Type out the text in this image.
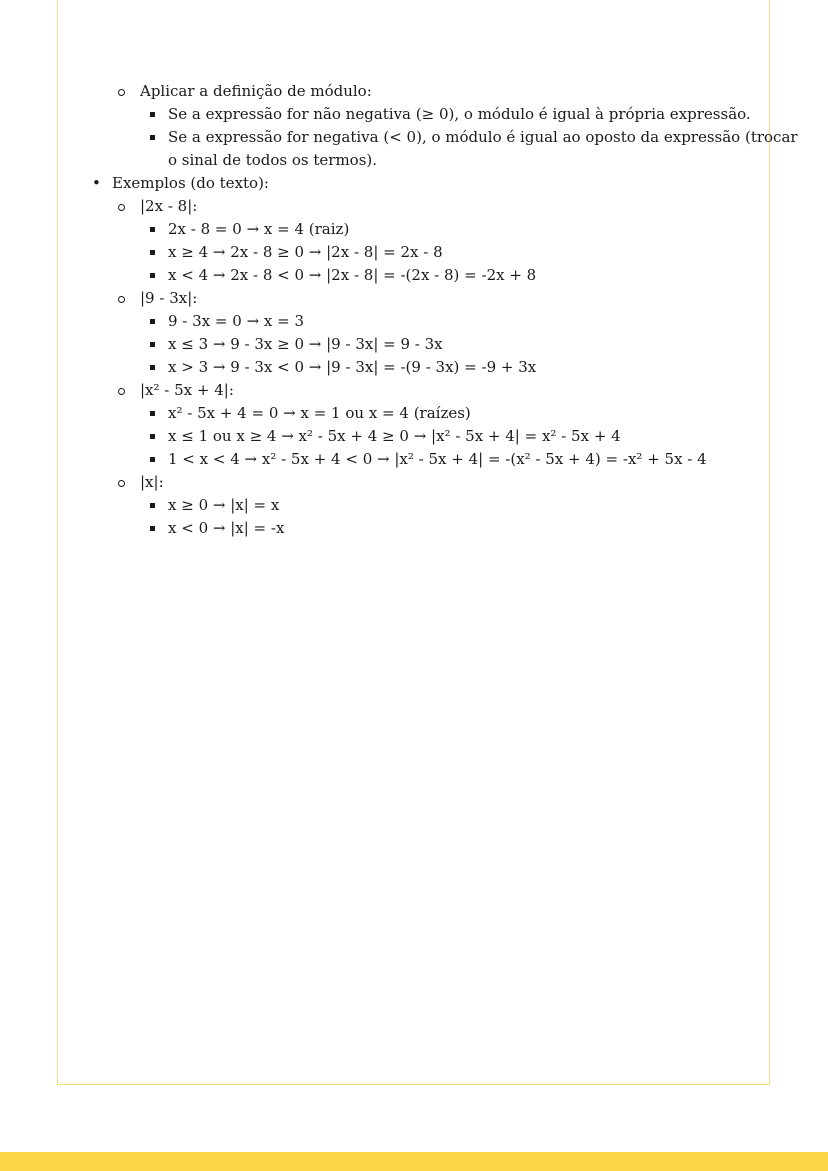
Aplicar a definição de módulo:
Se a expressão for não negativa (≥ 0), o módulo é igual à própria expressão.
Se a expressão for negativa (< 0), o módulo é igual ao oposto da expressão (trocar
o sinal de todos os termos).
• Exemplos (do texto):
|2x - 8|:
2x - 8 = 0 → x = 4 (raiz)
x ≥ 4 → 2x - 8 ≥ 0 → |2x - 8| = 2x - 8
x < 4 → 2x - 8 < 0 → |2x - 8| = -(2x - 8) = -2x + 8
|9 - 3x|:
9 - 3x = 0 → x = 3
x ≤ 3 → 9 - 3x ≥ 0 → |9 - 3x| = 9 - 3x
x > 3 → 9 - 3x < 0 → |9 - 3x| = -(9 - 3x) = -9 + 3x
|x² - 5x + 4|:
x² - 5x + 4 = 0 → x = 1 ou x = 4 (raízes)
x ≤ 1 ou x ≥ 4 → x² - 5x + 4 ≥ 0 → |x² - 5x + 4| = x² - 5x + 4
1 < x < 4 → x² - 5x + 4 < 0 → |x² - 5x + 4| = -(x² - 5x + 4) = -x² + 5x - 4
|x|:
x ≥ 0 → |x| = x
x < 0 → |x| = -x
